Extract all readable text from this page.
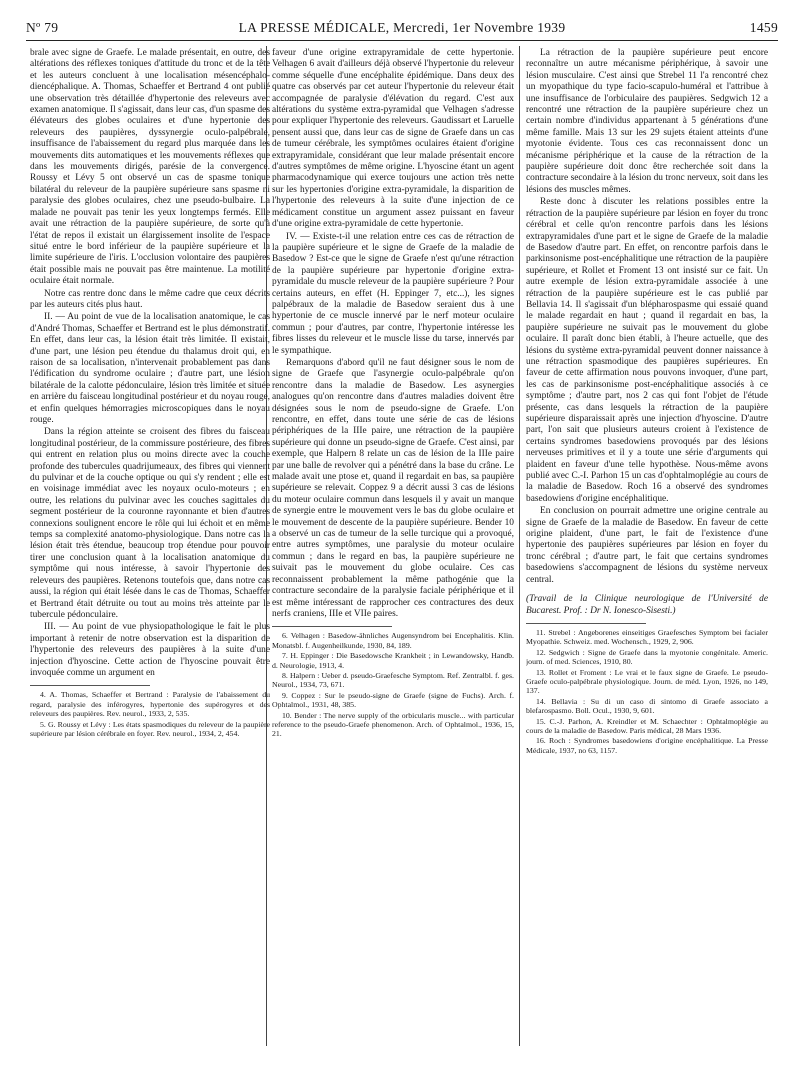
Nº 79	LA PRESSE MÉDICALE, Mercredi, 1er Novembre 1939	1459

brale avec signe de Graefe. Le malade présentait, en outre, des altérations des réflexes toniques d'attitude du tronc et de la tête et les auteurs concluent à une localisation mésencéphalo-diencéphalique. A. Thomas, Schaeffer et Bertrand 4 ont publié une observation très détaillée d'hypertonie des releveurs avec examen anatomique. Il s'agissait, dans leur cas, d'un spasme des élévateurs des globes oculaires et d'une hypertonie des releveurs des paupières, dyssynergie oculo-palpébrale, insuffisance de l'abaissement du regard plus marquée dans les mouvements dits automatiques et les mouvements réflexes que dans les mouvements dirigés, parésie de la convergence. Roussy et Lévy 5 ont observé un cas de spasme tonique bilatéral du releveur de la paupière supérieure sans spasme ni paralysie des globes oculaires, chez une pseudo-bulbaire. La malade ne pouvait pas tenir les yeux longtemps fermés. Elle avait une rétraction de la paupière supérieure, de sorte qu'à l'état de repos il existait un élargissement insolite de l'espace situé entre le bord inférieur de la paupière supérieure et la limite supérieure de l'iris. L'occlusion volontaire des paupières était possible mais ne pouvait pas être maintenue. La motilité oculaire était normale.

Notre cas rentre donc dans le même cadre que ceux décrits par les auteurs cités plus haut.

II. — Au point de vue de la localisation anatomique, le cas d'André Thomas, Schaeffer et Bertrand est le plus démonstratif. En effet, dans leur cas, la lésion était très limitée. Il existait, d'une part, une lésion peu étendue du thalamus droit qui, en raison de sa localisation, n'intervenait probablement pas dans l'édification du syndrome oculaire ; d'autre part, une lésion bilatérale de la calotte pédonculaire, lésion très limitée et située en arrière du faisceau longitudinal postérieur et du noyau rouge, et enfin quelques hémorragies microscopiques dans le noyau rouge.

Dans la région atteinte se croisent des fibres du faisceau longitudinal postérieur, de la commissure postérieure, des fibres qui entrent en relation plus ou moins directe avec la couche profonde des tubercules quadrijumeaux, des fibres qui viennent du pulvinar et de la couche optique ou qui s'y rendent ; elle est en voisinage immédiat avec les noyaux oculo-moteurs ; en outre, les relations du pulvinar avec les couches sagittales du segment postérieur de la couronne rayonnante et bien d'autres connexions soulignent encore le rôle qui lui échoit et en même temps sa complexité anatomo-physiologique. Dans notre cas la lésion était très étendue, beaucoup trop étendue pour pouvoir tirer une conclusion quant à la localisation anatomique du symptôme qui nous intéresse, à savoir l'hypertonie des releveurs des paupières. Retenons toutefois que, dans notre cas aussi, la région qui était lésée dans le cas de Thomas, Schaeffer et Bertrand était détruite ou tout au moins très atteinte par le tubercule pédonculaire.

III. — Au point de vue physiopathologique le fait le plus important à retenir de notre observation est la disparition de l'hypertonie des releveurs des paupières à la suite d'une injection d'hyoscine. Cette action de l'hyoscine pouvait être invoquée comme un argument en

4. A. Thomas, Schaeffer et Bertrand : Paralysie de l'abaissement du regard, paralysie des inférogyres, hypertonie des supérogyres et des releveurs des paupières. Rev. neurol., 1933, 2, 535.

5. G. Roussy et Lévy : Les états spasmodiques du releveur de la paupière supérieure par lésion cérébrale en foyer. Rev. neurol., 1934, 2, 454.

faveur d'une origine extrapyramidale de cette hypertonie. Velhagen 6 avait d'ailleurs déjà observé l'hypertonie du releveur comme séquelle d'une encéphalite épidémique. Dans deux des quatre cas observés par cet auteur l'hypertonie du releveur était accompagnée de paralysie d'élévation du regard. C'est aux altérations du système extra-pyramidal que Velhagen s'adresse pour expliquer l'hypertonie des releveurs. Gaudissart et Laruelle pensent aussi que, dans leur cas de signe de Graefe dans un cas de tumeur cérébrale, les symptômes oculaires étaient d'origine extrapyramidale, considérant que leur malade présentait encore d'autres symptômes de même origine. L'hyoscine étant un agent pharmacodynamique qui exerce toujours une action très nette sur les hypertonies d'origine extra-pyramidale, la disparition de l'hypertonie des releveurs à la suite d'une injection de ce médicament constitue un argument assez puissant en faveur d'une origine extra-pyramidale de cette hypertonie.

IV. — Existe-t-il une relation entre ces cas de rétraction de la paupière supérieure et le signe de Graefe de la maladie de Basedow ? Est-ce que le signe de Graefe n'est qu'une rétraction de la paupière supérieure par hypertonie d'origine extra-pyramidale du muscle releveur de la paupière supérieure ? Pour certains auteurs, en effet (H. Eppinger 7, etc...), les signes palpébraux de la maladie de Basedow seraient dus à une hypertonie de ce muscle innervé par le nerf moteur oculaire commun ; pour d'autres, par contre, l'hypertonie intéresse les fibres lisses du releveur et le muscle lisse du tarse, innervés par le sympathique.

Remarquons d'abord qu'il ne faut désigner sous le nom de signe de Graefe que l'asynergie oculo-palpébrale qu'on rencontre dans la maladie de Basedow. Les asynergies analogues qu'on rencontre dans d'autres maladies doivent être désignées sous le nom de pseudo-signe de Graefe. L'on rencontre, en effet, dans toute une série de cas de lésions périphériques de la IIIe paire, une rétraction de la paupière supérieure qui donne un pseudo-signe de Graefe. C'est ainsi, par exemple, que Halpern 8 relate un cas de lésion de la IIIe paire par une balle de revolver qui a pénétré dans la base du crâne. Le malade avait une ptose et, quand il regardait en bas, sa paupière supérieure se relevait. Coppez 9 a décrit aussi 3 cas de lésions du moteur oculaire commun dans lesquels il y avait un manque de synergie entre le mouvement vers le bas du globe oculaire et le mouvement de descente de la paupière supérieure. Bender 10 a observé un cas de tumeur de la selle turcique qui a provoqué, entre autres symptômes, une paralysie du moteur oculaire commun ; dans le regard en bas, la paupière supérieure ne suivait pas le mouvement du globe oculaire. Ces cas reconnaissent probablement la même pathogénie que la contracture secondaire de la paralysie faciale périphérique et il est même intéressant de rapprocher ces contractures des deux nerfs craniens, IIIe et VIIe paires.

6. Velhagen : Basedow-ähnliches Augensyndrom bei Encephalitis. Klin. Monatsbl. f. Augenheilkunde, 1930, 84, 189.

7. H. Eppinger : Die Basedowsche Krankheit ; in Lewandowsky, Handb. d. Neurologie, 1913, 4.

8. Halpern : Ueber d. pseudo-Graefesche Symptom. Ref. Zentralbl. f. ges. Neurol., 1934, 73, 671.

9. Coppez : Sur le pseudo-signe de Graefe (signe de Fuchs). Arch. f. Ophtalmol., 1931, 48, 385.

10. Bender : The nerve supply of the orbicularis muscle... with particular reference to the pseudo-Graefe phenomenon. Arch. of Ophtalmol., 1936, 15, 21.

La rétraction de la paupière supérieure peut encore reconnaître un autre mécanisme périphérique, à savoir une lésion musculaire. C'est ainsi que Strebel 11 l'a rencontré chez un myopathique du type facio-scapulo-huméral et l'attribue à une insuffisance de l'orbiculaire des paupières. Sedgwich 12 a rencontré une rétraction de la paupière supérieure chez un certain nombre d'individus appartenant à 5 générations d'une même famille. Mais 13 sur les 29 sujets étaient atteints d'une myotonie évidente. Tous ces cas reconnaissent donc un mécanisme périphérique et la cause de la rétraction de la paupière supérieure doit donc être recherchée soit dans la contracture secondaire à la lésion du tronc nerveux, soit dans les lésions des muscles mêmes.

Reste donc à discuter les relations possibles entre la rétraction de la paupière supérieure par lésion en foyer du tronc cérébral et celle qu'on rencontre parfois dans les lésions extrapyramidales d'une part et le signe de Graefe de la maladie de Basedow d'autre part. En effet, on rencontre parfois dans le parkinsonisme post-encéphalitique une rétraction de la paupière supérieure, et Rollet et Froment 13 ont insisté sur ce fait. Un autre exemple de lésion extra-pyramidale associée à une rétraction de la paupière supérieure est le cas publié par Bellavia 14. Il s'agissait d'un blépharospasme qui essaié quand le malade regardait en haut ; quand il regardait en bas, la paupière supérieure ne suivait pas le mouvement du globe oculaire. Il paraît donc bien établi, à l'heure actuelle, que des lésions du système extra-pyramidal peuvent donner naissance à une rétraction spasmodique des paupières supérieures. En faveur de cette affirmation nous pouvons invoquer, d'une part, les cas de parkinsonisme post-encéphalitique associés à ce symptôme ; d'autre part, nos 2 cas qui font l'objet de l'étude présente, cas dans lesquels la rétraction de la paupière supérieure disparaissait après une injection d'hyoscine. D'autre part, l'on sait que plusieurs auteurs croient à l'existence de certains syndromes basedowiens provoqués par des lésions nerveuses primitives et il y a toute une série d'arguments qui plaident en faveur d'une telle hypothèse. Nous-même avons publié avec C.-I. Parhon 15 un cas d'ophtalmoplégie au cours de la maladie de Basedow. Roch 16 a observé des syndromes basedowiens d'origine encéphalitique.

En conclusion on pourrait admettre une origine centrale au signe de Graefe de la maladie de Basedow. En faveur de cette origine plaident, d'une part, le fait de l'existence d'une hypertonie des paupières supérieures par lésion en foyer du tronc cérébral ; d'autre part, le fait que certains syndromes basedowiens s'accompagnent de lésions du système nerveux central.

(Travail de la Clinique neurologique de l'Université de Bucarest. Prof. : Dr N. Ionesco-Sisesti.)

11. Strebel : Angeborenes einseitiges Graefesches Symptom bei facialer Myopathie. Schweiz. med. Wochensch., 1929, 2, 906.

12. Sedgwich : Signe de Graefe dans la myotonie congénitale. Americ. journ. of med. Sciences, 1910, 80.

13. Rollet et Froment : Le vrai et le faux signe de Graefe. Le pseudo-Graefe oculo-palpébrale physiologique. Journ. de méd. Lyon, 1926, no 149, 137.

14. Bellavia : Su di un caso di sintomo di Graefe associato a blefarospasmo. Boll. Ocul., 1930, 9, 601.

15. C.-J. Parhon, A. Kreindler et M. Schaechter : Ophtalmoplégie au cours de la maladie de Basedow. Paris médical, 28 Mars 1936.

16. Roch : Syndromes basedowiens d'origine encéphalitique. La Presse Médicale, 1937, no 63, 1157.
